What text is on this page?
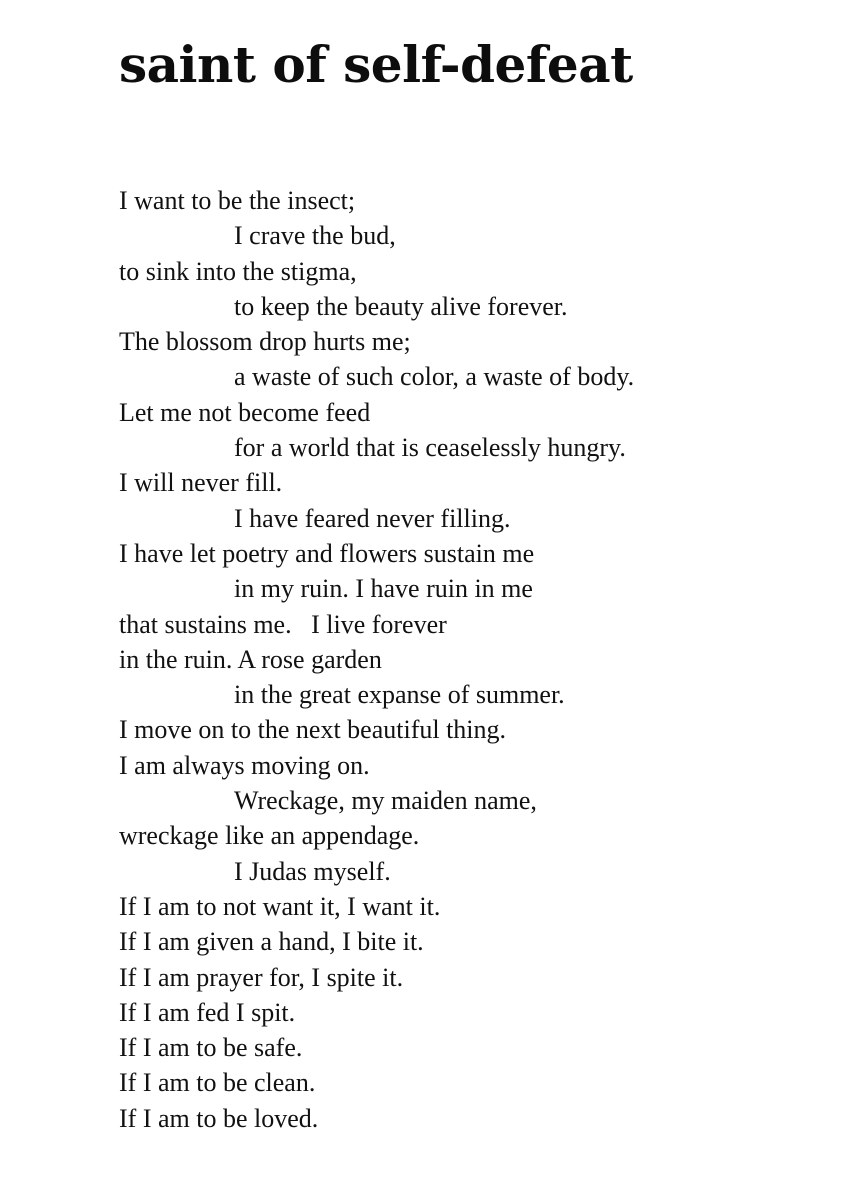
saint of self-defeat
I want to be the insect;
I crave the bud,
to sink into the stigma,
to keep the beauty alive forever.
The blossom drop hurts me;
a waste of such color, a waste of body.
Let me not become feed
for a world that is ceaselessly hungry.
I will never fill.
I have feared never filling.
I have let poetry and flowers sustain me
in my ruin. I have ruin in me
that sustains me.   I live forever
in the ruin. A rose garden
in the great expanse of summer.
I move on to the next beautiful thing.
I am always moving on.
Wreckage, my maiden name,
wreckage like an appendage.
I Judas myself.
If I am to not want it, I want it.
If I am given a hand, I bite it.
If I am prayer for, I spite it.
If I am fed I spit.
If I am to be safe.
If I am to be clean.
If I am to be loved.
